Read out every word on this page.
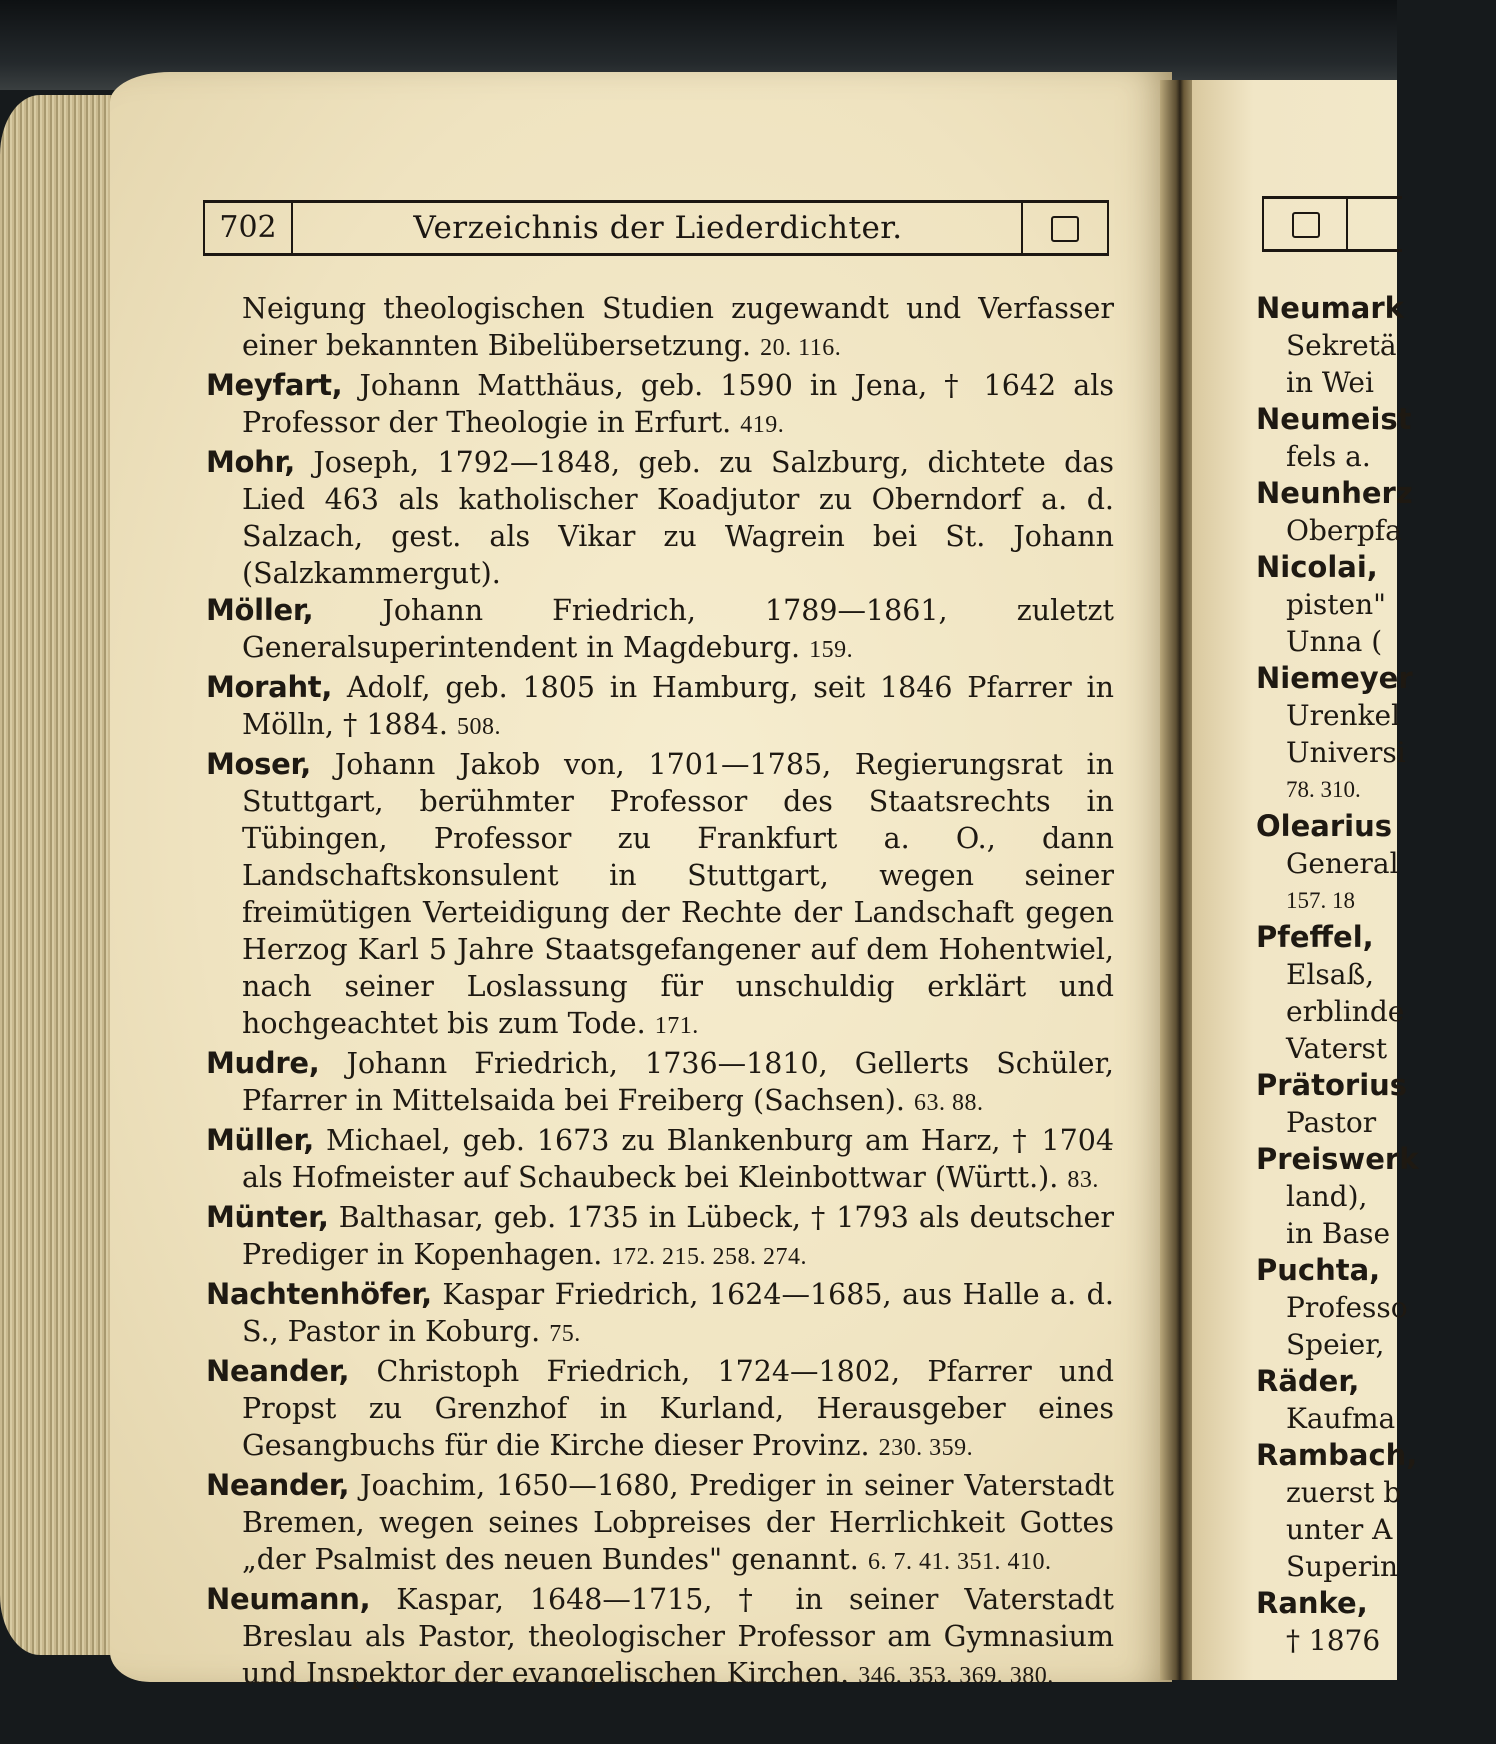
702	Verzeichnis der Liederdichter.
Neigung theologischen Studien zugewandt und Verfasser einer bekannten Bibelübersetzung. 20. 116.
Meyfart, Johann Matthäus, geb. 1590 in Jena, † 1642 als Professor der Theologie in Erfurt. 419.
Mohr, Joseph, 1792—1848, geb. zu Salzburg, dichtete das Lied 463 als katholischer Koadjutor zu Oberndorf a. d. Salzach, gest. als Vikar zu Wagrein bei St. Johann (Salzkammergut).
Möller, Johann Friedrich, 1789—1861, zuletzt Generalsuperintendent in Magdeburg. 159.
Moraht, Adolf, geb. 1805 in Hamburg, seit 1846 Pfarrer in Mölln, † 1884. 508.
Moser, Johann Jakob von, 1701—1785, Regierungsrat in Stuttgart, berühmter Professor des Staatsrechts in Tübingen, Professor zu Frankfurt a. O., dann Landschaftskonsulent in Stuttgart, wegen seiner freimütigen Verteidigung der Rechte der Landschaft gegen Herzog Karl 5 Jahre Staatsgefangener auf dem Hohentwiel, nach seiner Loslassung für unschuldig erklärt und hochgeachtet bis zum Tode. 171.
Mudre, Johann Friedrich, 1736—1810, Gellerts Schüler, Pfarrer in Mittelsaida bei Freiberg (Sachsen). 63. 88.
Müller, Michael, geb. 1673 zu Blankenburg am Harz, † 1704 als Hofmeister auf Schaubeck bei Kleinbottwar (Württ.). 83.
Münter, Balthasar, geb. 1735 in Lübeck, † 1793 als deutscher Prediger in Kopenhagen. 172. 215. 258. 274.
Nachtenhöfer, Kaspar Friedrich, 1624—1685, aus Halle a. d. S., Pastor in Koburg. 75.
Neander, Christoph Friedrich, 1724—1802, Pfarrer und Propst zu Grenzhof in Kurland, Herausgeber eines Gesangbuchs für die Kirche dieser Provinz. 230. 359.
Neander, Joachim, 1650—1680, Prediger in seiner Vaterstadt Bremen, wegen seines Lobpreises der Herrlichkeit Gottes „der Psalmist des neuen Bundes" genannt. 6. 7. 41. 351. 410.
Neumann, Kaspar, 1648—1715, † in seiner Vaterstadt Breslau als Pastor, theologischer Professor am Gymnasium und Inspektor der evangelischen Kirchen. 346. 353. 369. 380.
Neumark
Sekretä
in Wei
Neumeist
fels a.
Neunherz
Oberpfa
Nicolai,
pisten"
Unna (
Niemeyer
Urenkel
Universi
78. 310.
Olearius
General
157. 18
Pfeffel,
Elsaß,
erblinde
Vaterst
Prätorius
Pastor
Preiswerk
land),
in Base
Puchta,
Professo
Speier,
Räder,
Kaufma
Rambach,
zuerst b
unter A
Superin
Ranke,
† 1876
